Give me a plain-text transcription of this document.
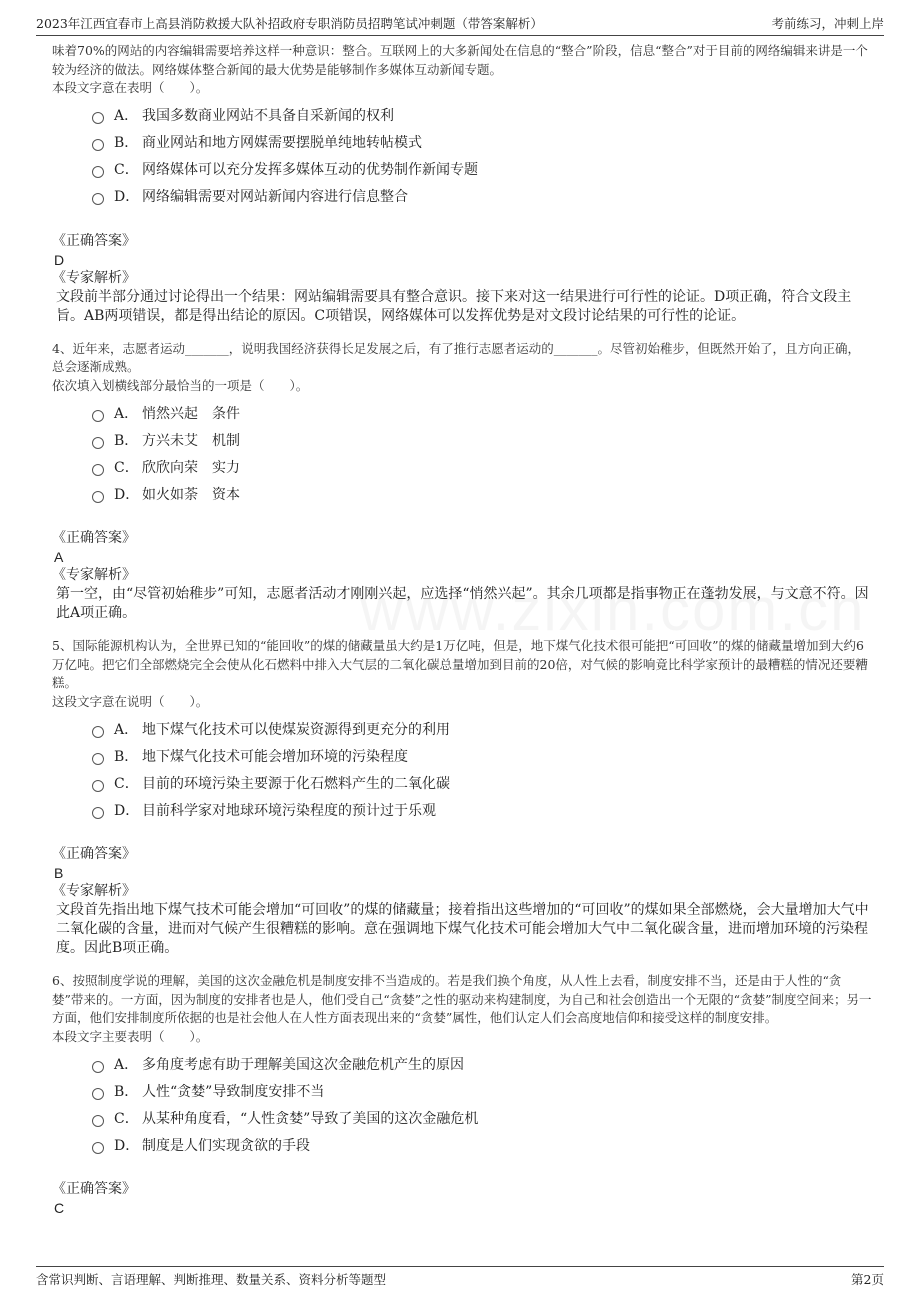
2023年江西宜春市上高县消防救援大队补招政府专职消防员招聘笔试冲刺题（带答案解析）	考前练习，冲刺上岸

味着70%的网站的内容编辑需要培养这样一种意识：整合。互联网上的大多新闻处在信息的“整合”阶段，信息“整合”对于目前的网络编辑来讲是一个较为经济的做法。网络媒体整合新闻的最大优势是能够制作多媒体互动新闻专题。

本段文字意在表明（　　）。

A． 我国多数商业网站不具备自采新闻的权利
B． 商业网站和地方网媒需要摆脱单纯地转帖模式
C． 网络媒体可以充分发挥多媒体互动的优势制作新闻专题
D． 网络编辑需要对网站新闻内容进行信息整合

《正确答案》

D

《专家解析》

文段前半部分通过讨论得出一个结果：网站编辑需要具有整合意识。接下来对这一结果进行可行性的论证。D项正确，符合文段主旨。AB两项错误，都是得出结论的原因。C项错误，网络媒体可以发挥优势是对文段讨论结果的可行性的论证。

4、近年来，志愿者运动_______，说明我国经济获得长足发展之后，有了推行志愿者运动的_______。尽管初始稚步，但既然开始了，且方向正确，总会逐渐成熟。

依次填入划横线部分最恰当的一项是（　　）。

A． 悄然兴起　条件
B． 方兴未艾　机制
C． 欣欣向荣　实力
D． 如火如荼　资本

《正确答案》

A

《专家解析》

第一空，由“尽管初始稚步”可知，志愿者活动才刚刚兴起，应选择“悄然兴起”。其余几项都是指事物正在蓬勃发展，与文意不符。因此A项正确。

5、国际能源机构认为，全世界已知的“能回收”的煤的储藏量虽大约是1万亿吨，但是，地下煤气化技术很可能把“可回收”的煤的储藏量增加到大约6万亿吨。把它们全部燃烧完全会使从化石燃料中排入大气层的二氧化碳总量增加到目前的20倍，对气候的影响竟比科学家预计的最糟糕的情况还要糟糕。

这段文字意在说明（　　）。

A． 地下煤气化技术可以使煤炭资源得到更充分的利用
B． 地下煤气化技术可能会增加环境的污染程度
C． 目前的环境污染主要源于化石燃料产生的二氧化碳
D． 目前科学家对地球环境污染程度的预计过于乐观

《正确答案》

B

《专家解析》

文段首先指出地下煤气技术可能会增加“可回收”的煤的储藏量；接着指出这些增加的“可回收”的煤如果全部燃烧，会大量增加大气中二氧化碳的含量，进而对气候产生很糟糕的影响。意在强调地下煤气化技术可能会增加大气中二氧化碳含量，进而增加环境的污染程度。因此B项正确。

6、按照制度学说的理解，美国的这次金融危机是制度安排不当造成的。若是我们换个角度，从人性上去看，制度安排不当，还是由于人性的“贪婪”带来的。一方面，因为制度的安排者也是人，他们受自己“贪婪”之性的驱动来构建制度，为自己和社会创造出一个无限的“贪婪”制度空间来；另一方面，他们安排制度所依据的也是社会他人在人性方面表现出来的“贪婪”属性，他们认定人们会高度地信仰和接受这样的制度安排。

本段文字主要表明（　　）。

A． 多角度考虑有助于理解美国这次金融危机产生的原因
B． 人性“贪婪”导致制度安排不当
C． 从某种角度看，“人性贪婪”导致了美国的这次金融危机
D． 制度是人们实现贪欲的手段

《正确答案》

C

含常识判断、言语理解、判断推理、数量关系、资料分析等题型	第2页
